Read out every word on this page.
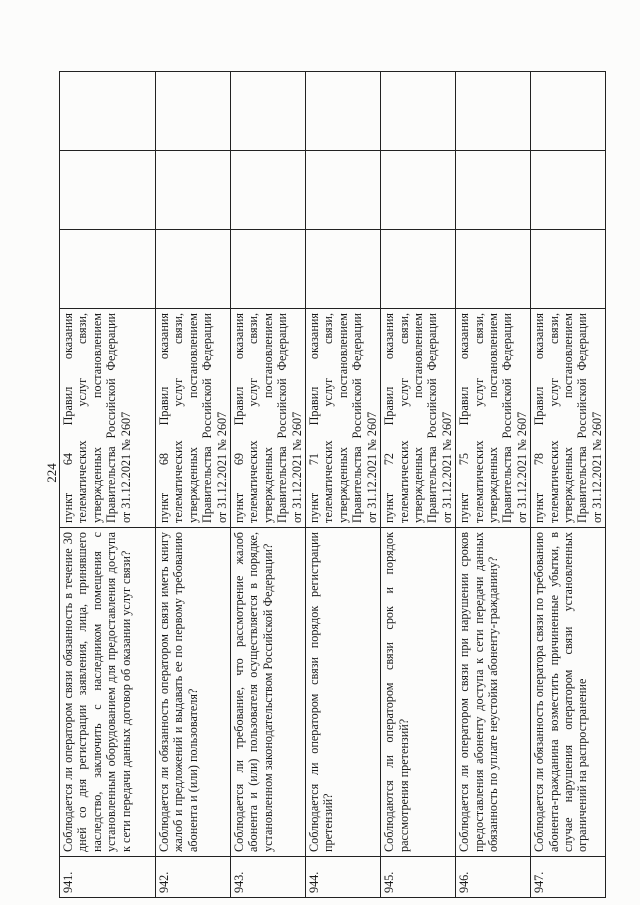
224
941.	Соблюдается ли оператором связи обязанность в течение 30 дней со дня регистрации заявления, лица, принявшего наследство, заключить с наследником помещения с установленным оборудованием для предоставления доступа к сети передачи данных договор об оказании услуг связи?	пункт 64 Правил оказания телематических услуг связи, утвержденных постановлением Правительства Российской Федерации от 31.12.2021 № 2607			
942.	Соблюдается ли обязанность оператором связи иметь книгу жалоб и предложений и выдавать ее по первому требованию абонента и (или) пользователя?	пункт 68 Правил оказания телематических услуг связи, утвержденных постановлением Правительства Российской Федерации от 31.12.2021 № 2607			
943.	Соблюдается ли требование, что рассмотрение жалоб абонента и (или) пользователя осуществляется в порядке, установленном законодательством Российской Федерации?	пункт 69 Правил оказания телематических услуг связи, утвержденных постановлением Правительства Российской Федерации от 31.12.2021 № 2607			
944.	Соблюдается ли оператором связи порядок регистрации претензий?	пункт 71 Правил оказания телематических услуг связи, утвержденных постановлением Правительства Российской Федерации от 31.12.2021 № 2607			
945.	Соблюдаются ли оператором связи срок и порядок рассмотрения претензий?	пункт 72 Правил оказания телематических услуг связи, утвержденных постановлением Правительства Российской Федерации от 31.12.2021 № 2607			
946.	Соблюдается ли оператором связи при нарушении сроков предоставления абоненту доступа к сети передачи данных обязанность по уплате неустойки абоненту-гражданину?	пункт 75 Правил оказания телематических услуг связи, утвержденных постановлением Правительства Российской Федерации от 31.12.2021 № 2607			
947.	Соблюдается ли обязанность оператора связи по требованию абонента-гражданина возместить причиненные убытки, в случае нарушения оператором связи установленных ограничений на распространение	пункт 78 Правил оказания телематических услуг связи, утвержденных постановлением Правительства Российской Федерации от 31.12.2021 № 2607			
